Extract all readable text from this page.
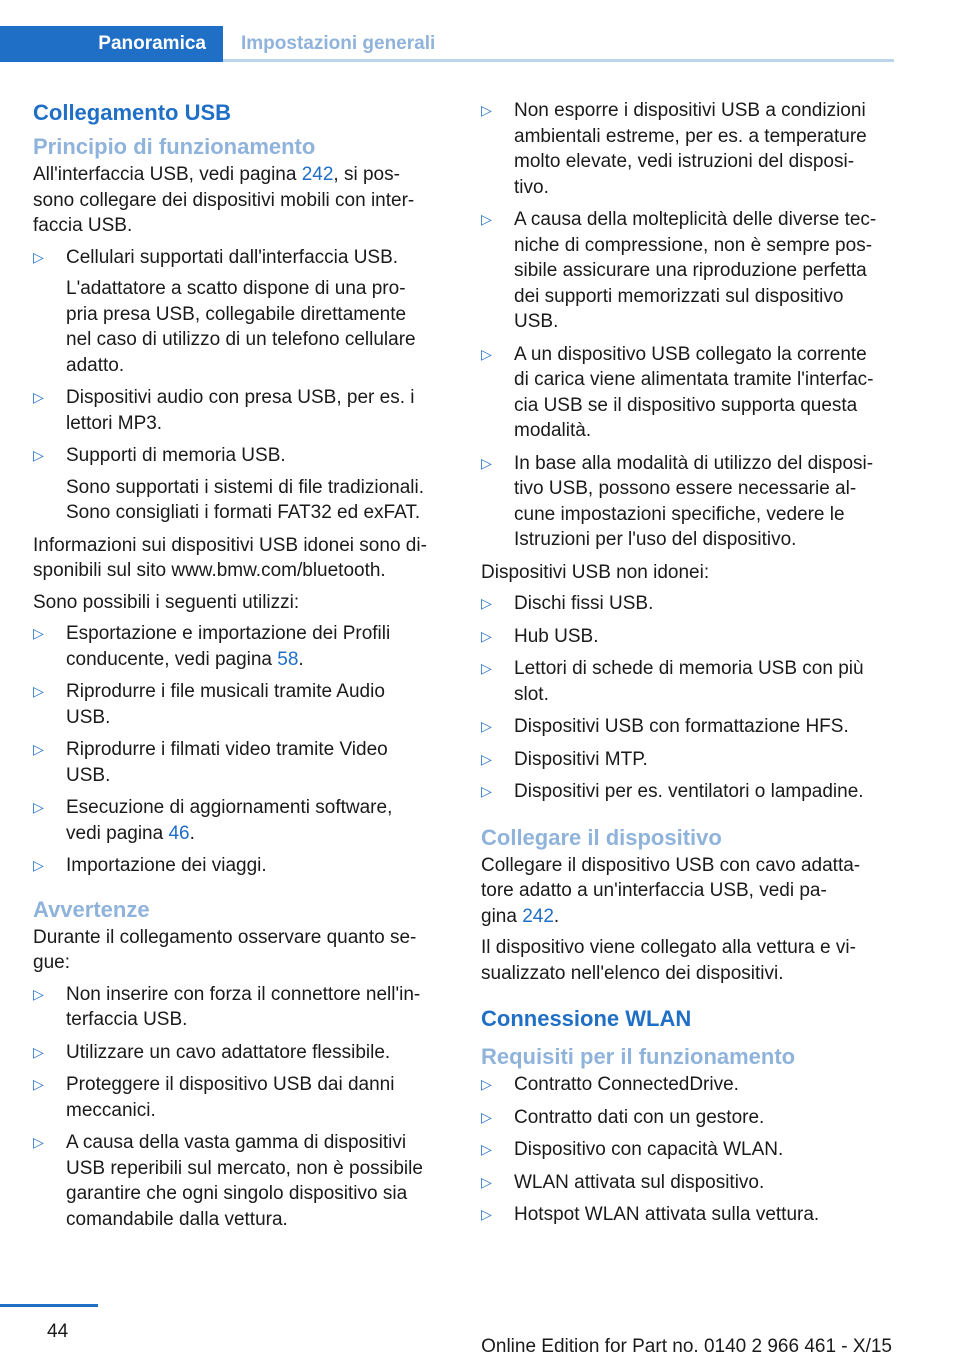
Panoramica Impostazioni generali
Collegamento USB
Principio di funzionamento

All'interfaccia USB, vedi pagina 242, si pos-
sono collegare dei dispositivi mobili con inter-
faccia USB.

▷ Cellulari supportati dall'interfaccia USB.
L'adattatore a scatto dispone di una pro-
pria presa USB, collegabile direttamente
nel caso di utilizzo di un telefono cellulare
adatto.
▷ Dispositivi audio con presa USB, per es. i
lettori MP3.
▷ Supporti di memoria USB.
Sono supportati i sistemi di file tradizionali.
Sono consigliati i formati FAT32 ed exFAT.

Informazioni sui dispositivi USB idonei sono di-
sponibili sul sito www.bmw.com/bluetooth.

Sono possibili i seguenti utilizzi:

▷ Esportazione e importazione dei Profili
conducente, vedi pagina 58.
▷ Riprodurre i file musicali tramite Audio
USB.
▷ Riprodurre i filmati video tramite Video
USB.
▷ Esecuzione di aggiornamenti software,
vedi pagina 46.
▷ Importazione dei viaggi.
Avvertenze

Durante il collegamento osservare quanto se-
gue:

▷ Non inserire con forza il connettore nell'in-
terfaccia USB.
▷ Utilizzare un cavo adattatore flessibile.
▷ Proteggere il dispositivo USB dai danni
meccanici.
▷ A causa della vasta gamma di dispositivi
USB reperibili sul mercato, non è possibile
garantire che ogni singolo dispositivo sia
comandabile dalla vettura.
▷ Non esporre i dispositivi USB a condizioni
ambientali estreme, per es. a temperature
molto elevate, vedi istruzioni del disposi-
tivo.
▷ A causa della molteplicità delle diverse tec-
niche di compressione, non è sempre pos-
sibile assicurare una riproduzione perfetta
dei supporti memorizzati sul dispositivo
USB.
▷ A un dispositivo USB collegato la corrente
di carica viene alimentata tramite l'interfac-
cia USB se il dispositivo supporta questa
modalità.
▷ In base alla modalità di utilizzo del disposi-
tivo USB, possono essere necessarie al-
cune impostazioni specifiche, vedere le
Istruzioni per l'uso del dispositivo.

Dispositivi USB non idonei:

▷ Dischi fissi USB.
▷ Hub USB.
▷ Lettori di schede di memoria USB con più
slot.
▷ Dispositivi USB con formattazione HFS.
▷ Dispositivi MTP.
▷ Dispositivi per es. ventilatori o lampadine.
Collegare il dispositivo

Collegare il dispositivo USB con cavo adatta-
tore adatto a un'interfaccia USB, vedi pa-
gina 242.

Il dispositivo viene collegato alla vettura e vi-
sualizzato nell'elenco dei dispositivi.

Connessione WLAN
Requisiti per il funzionamento
▷ Contratto ConnectedDrive.
▷ Contratto dati con un gestore.
▷ Dispositivo con capacità WLAN.
▷ WLAN attivata sul dispositivo.
▷ Hotspot WLAN attivata sulla vettura.
44
Online Edition for Part no. 0140 2 966 461 - X/15
